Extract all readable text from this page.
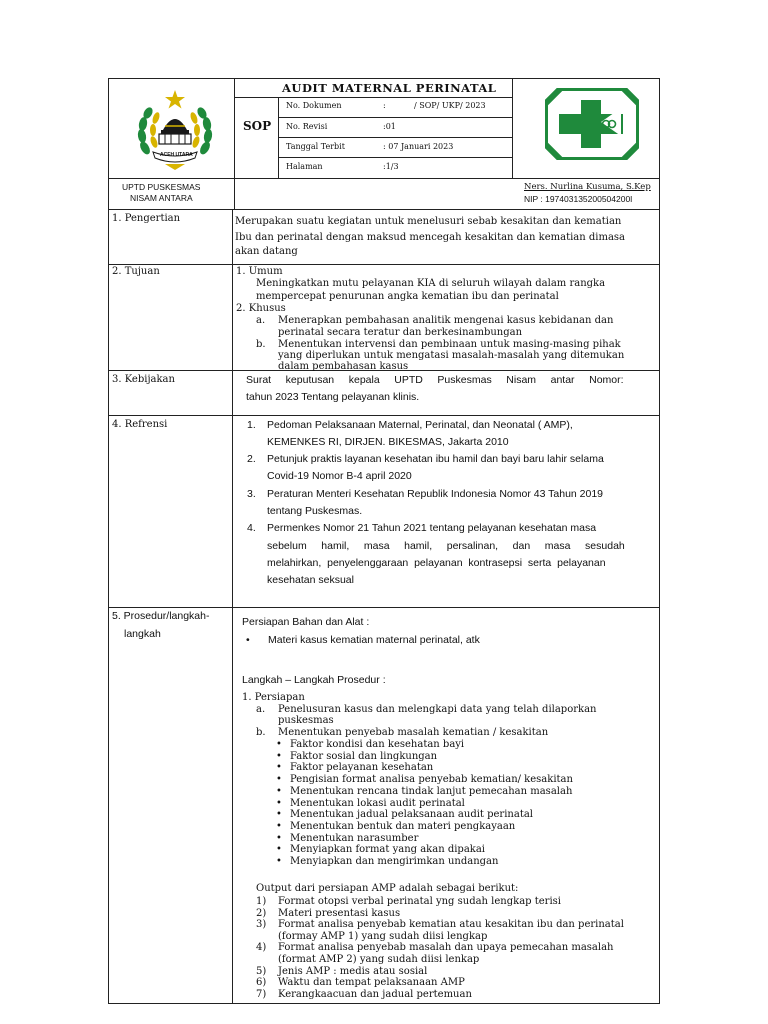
ACEH UTARA
AUDIT MATERNAL PERINATAL
SOP
No. Dokumen	:	/ SOP/ UKP/ 2023
No. Revisi	:01
Tanggal Terbit	: 07 Januari 2023
Halaman	:1/3
UPTD PUSKESMAS
NISAM ANTARA
Ners. Nurlina Kusuma, S.Kep
NIP : 197403135200504200l
1. Pengertian	Merupakan suatu kegiatan untuk menelusuri sebab kesakitan dan kematian
Ibu dan perinatal dengan maksud mencegah kesakitan dan kematian dimasa
akan datang
2. Tujuan	1. Umum
Meningkatkan mutu pelayanan KIA di seluruh wilayah dalam rangka
mempercepat penurunan angka kematian ibu dan perinatal
2. Khusus
a. Menerapkan pembahasan analitik mengenai kasus kebidanan dan
perinatal secara teratur dan berkesinambungan
b. Menentukan intervensi dan pembinaan untuk masing-masing pihak
yang diperlukan untuk mengatasi masalah-masalah yang ditemukan
dalam pembahasan kasus
3. Kebijakan	Surat     keputusan     kepala     UPTD     Puskesmas     Nisam     antar     Nomor:
tahun 2023 Tentang pelayanan klinis.
4. Refrensi	1. Pedoman Pelaksanaan Maternal, Perinatal, dan Neonatal ( AMP),
KEMENKES RI, DIRJEN. BIKESMAS, Jakarta 2010
2. Petunjuk praktis layanan kesehatan ibu hamil dan bayi baru lahir selama
Covid-19 Nomor B-4 april 2020
3. Peraturan Menteri Kesehatan Republik Indonesia Nomor 43 Tahun 2019
tentang Puskesmas.
4. Permenkes Nomor 21 Tahun 2021 tentang pelayanan kesehatan masa
sebelum     hamil,     masa     hamil,     persalinan,     dan     masa     sesudah
melahirkan,  penyelenggaraan  pelayanan  kontrasepsi  serta  pelayanan
kesehatan seksual
5. Prosedur/langkah-
langkah
Persiapan Bahan dan Alat :
• Materi kasus kematian maternal perinatal, atk
Langkah – Langkah Prosedur :
1. Persiapan
a. Penelusuran kasus dan melengkapi data yang telah dilaporkan
puskesmas
b. Menentukan penyebab masalah kematian / kesakitan
• Faktor kondisi dan kesehatan bayi
• Faktor sosial dan lingkungan
• Faktor pelayanan kesehatan
• Pengisian format analisa penyebab kematian/ kesakitan
• Menentukan rencana tindak lanjut pemecahan masalah
• Menentukan lokasi audit perinatal
• Menentukan jadual pelaksanaan audit perinatal
• Menentukan bentuk dan materi pengkayaan
• Menentukan narasumber
• Menyiapkan format yang akan dipakai
• Menyiapkan dan mengirimkan undangan
Output dari persiapan AMP adalah sebagai berikut:
1) Format otopsi verbal perinatal yng sudah lengkap terisi
2) Materi presentasi kasus
3) Format analisa penyebab kematian atau kesakitan ibu dan perinatal
(formay AMP 1) yang sudah diisi lengkap
4) Format analisa penyebab masalah dan upaya pemecahan masalah
(format AMP 2) yang sudah diisi lenkap
5) Jenis AMP : medis atau sosial
6) Waktu dan tempat pelaksanaan AMP
7) Kerangkaacuan dan jadual pertemuan
